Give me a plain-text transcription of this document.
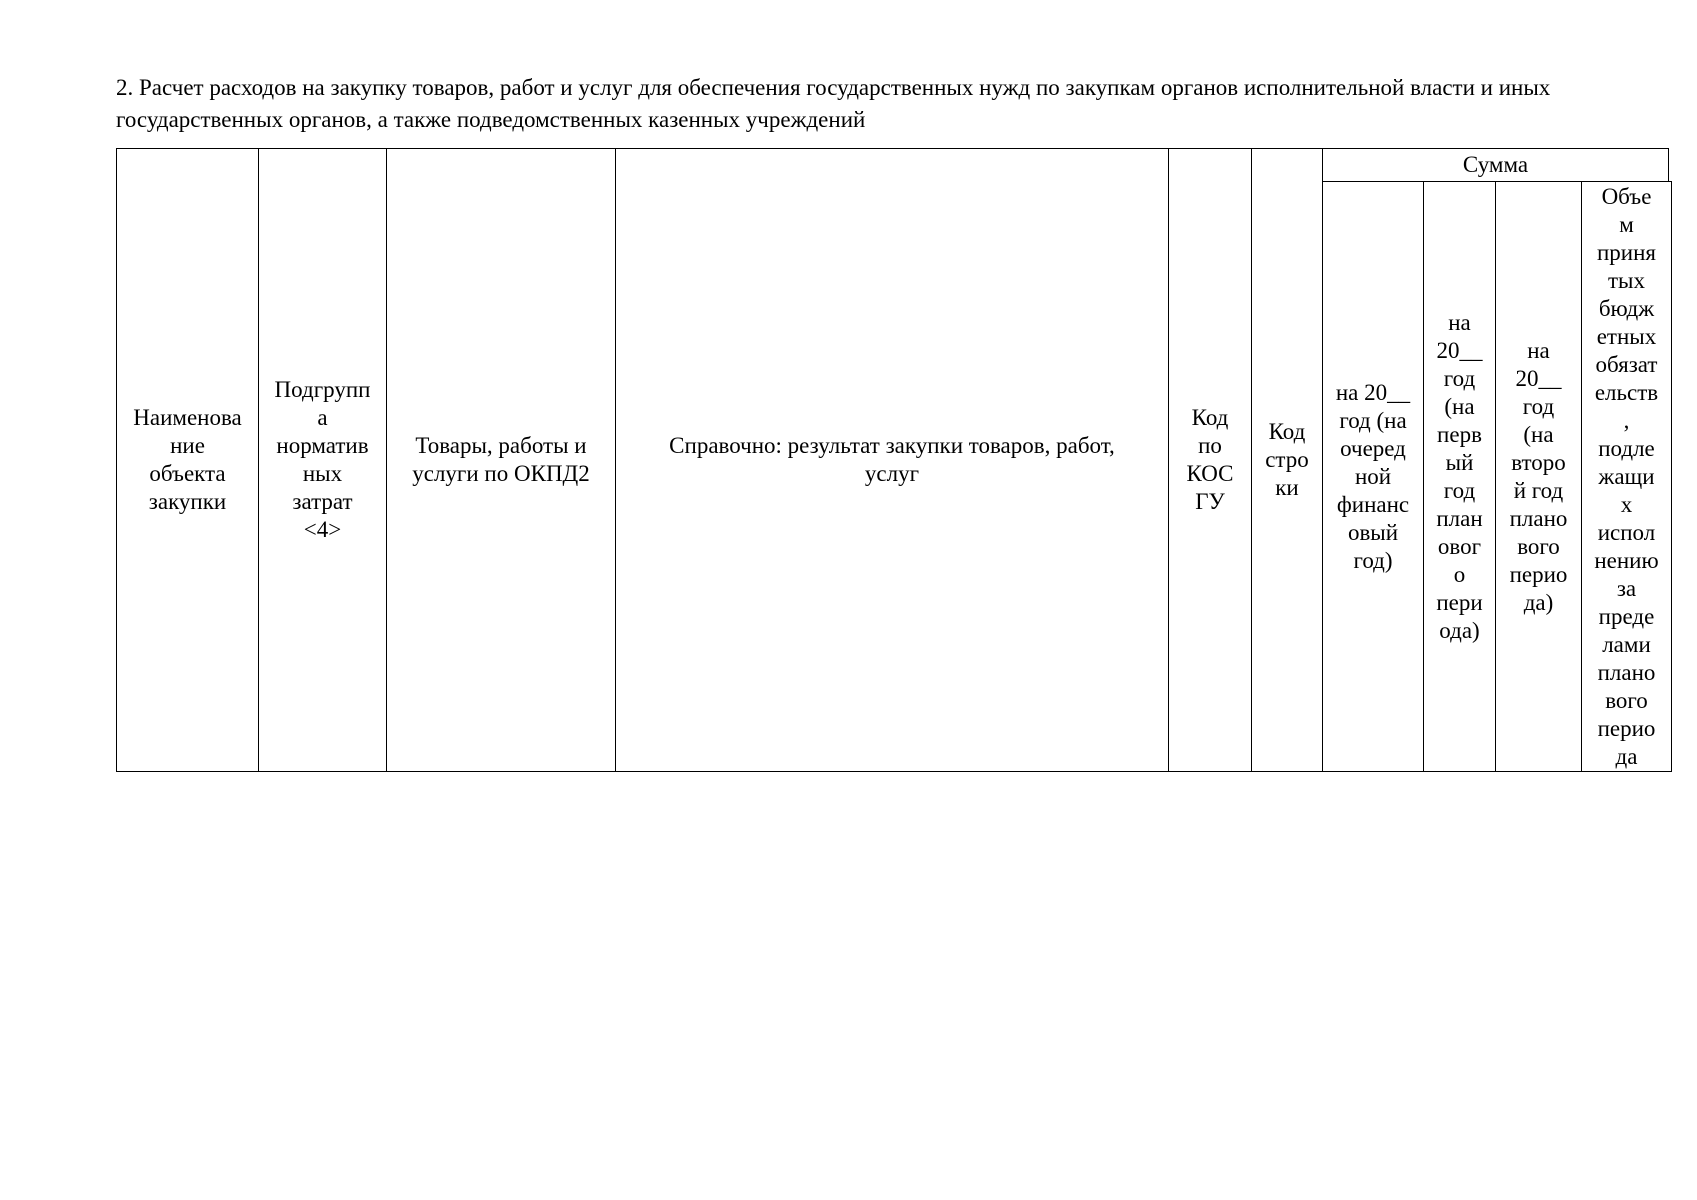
2. Расчет расходов на закупку товаров, работ и услуг для обеспечения государственных нужд по закупкам органов исполнительной власти и иных
государственных органов, а также подведомственных казенных учреждений
Наименова
ние
объекта
закупки
Подгрупп
а
норматив
ных
затрат
<4>
Товары, работы и
услуги по ОКПД2
Справочно: результат закупки товаров, работ,
услуг
Код
по
КОС
ГУ
Код
стро
ки
Сумма
на 20__
год (на
очеред
ной
финанс
овый
год)
на
20__
год
(на
перв
ый
год
план
овог
о
пери
ода)
на
20__
год
(на
второ
й год
плано
вого
перио
да)
Объе
м
приня
тых
бюдж
етных
обязат
ельств
,
подле
жащи
х
испол
нению
за
преде
лами
плано
вого
перио
да
